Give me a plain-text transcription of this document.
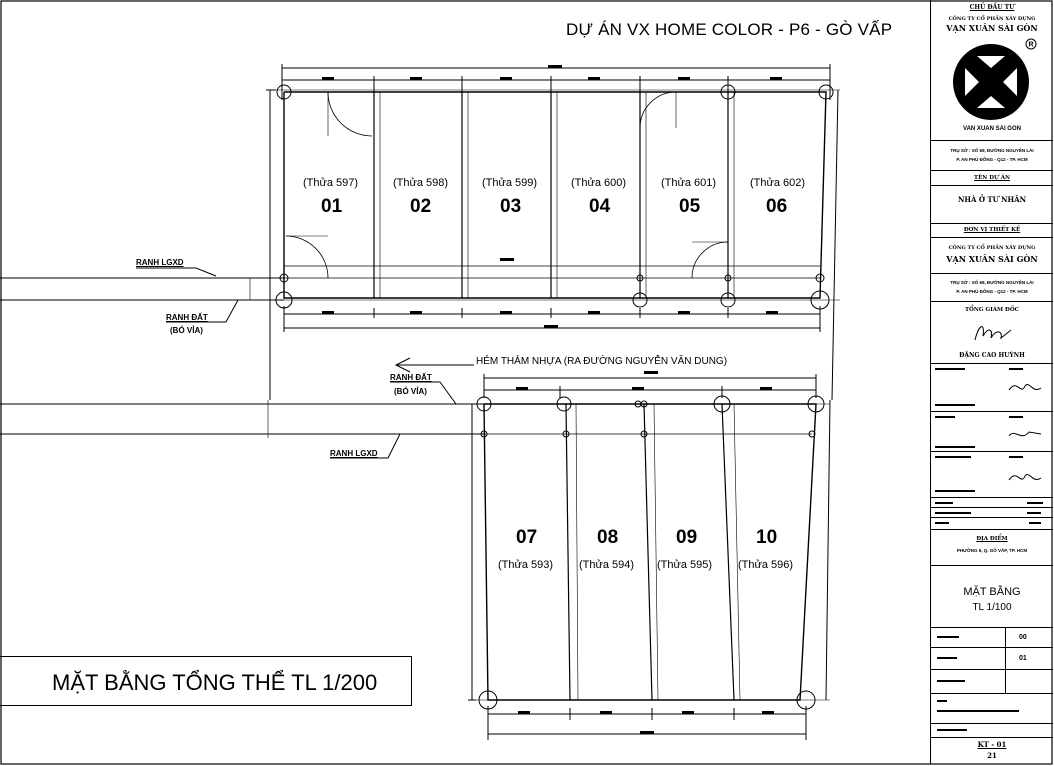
DỰ ÁN VX HOME COLOR - P6 - GÒ VẤP
MẶT BẰNG TỔNG THỂ TL 1/200
(Thửa 597)
01
(Thửa 598)
02
(Thửa 599)
03
(Thửa 600)
04
(Thửa 601)
05
(Thửa 602)
06
07
(Thửa 593)
08
(Thửa 594)
09
(Thửa 595)
10
(Thửa 596)
RANH LGXD
RANH ĐẤT
(BÓ VỈA)
HẺM THẢM NHỰA (RA ĐƯỜNG NGUYỄN VĂN DUNG)
RANH ĐẤT
(BÓ VỈA)
RANH LGXD
CHỦ ĐẦU TƯ
CÔNG TY CỔ PHẦN XÂY DỰNG
VẠN XUÂN SÀI GÒN
R
VAN XUAN SAI GON
TRỤ SỞ : SỐ 69, ĐƯỜNG NGUYỄN LÀI
P. AN PHÚ ĐÔNG - Q12 - TP. HCM
TÊN DỰ ÁN
NHÀ Ở TƯ NHÂN
ĐƠN VỊ THIẾT KẾ
CÔNG TY CỔ PHẦN XÂY DỰNG
VẠN XUÂN SÀI GÒN
TRỤ SỞ : SỐ 69, ĐƯỜNG NGUYỄN LÀI
P. AN PHÚ ĐÔNG - Q12 - TP. HCM
TỔNG GIÁM ĐỐC
ĐẶNG CAO HUỲNH
ĐỊA ĐIỂM
PHƯỜNG 6, Q. GÒ VẤP, TP. HCM
MẶT BẰNG
TL 1/100
00
01
KT - 01
21
